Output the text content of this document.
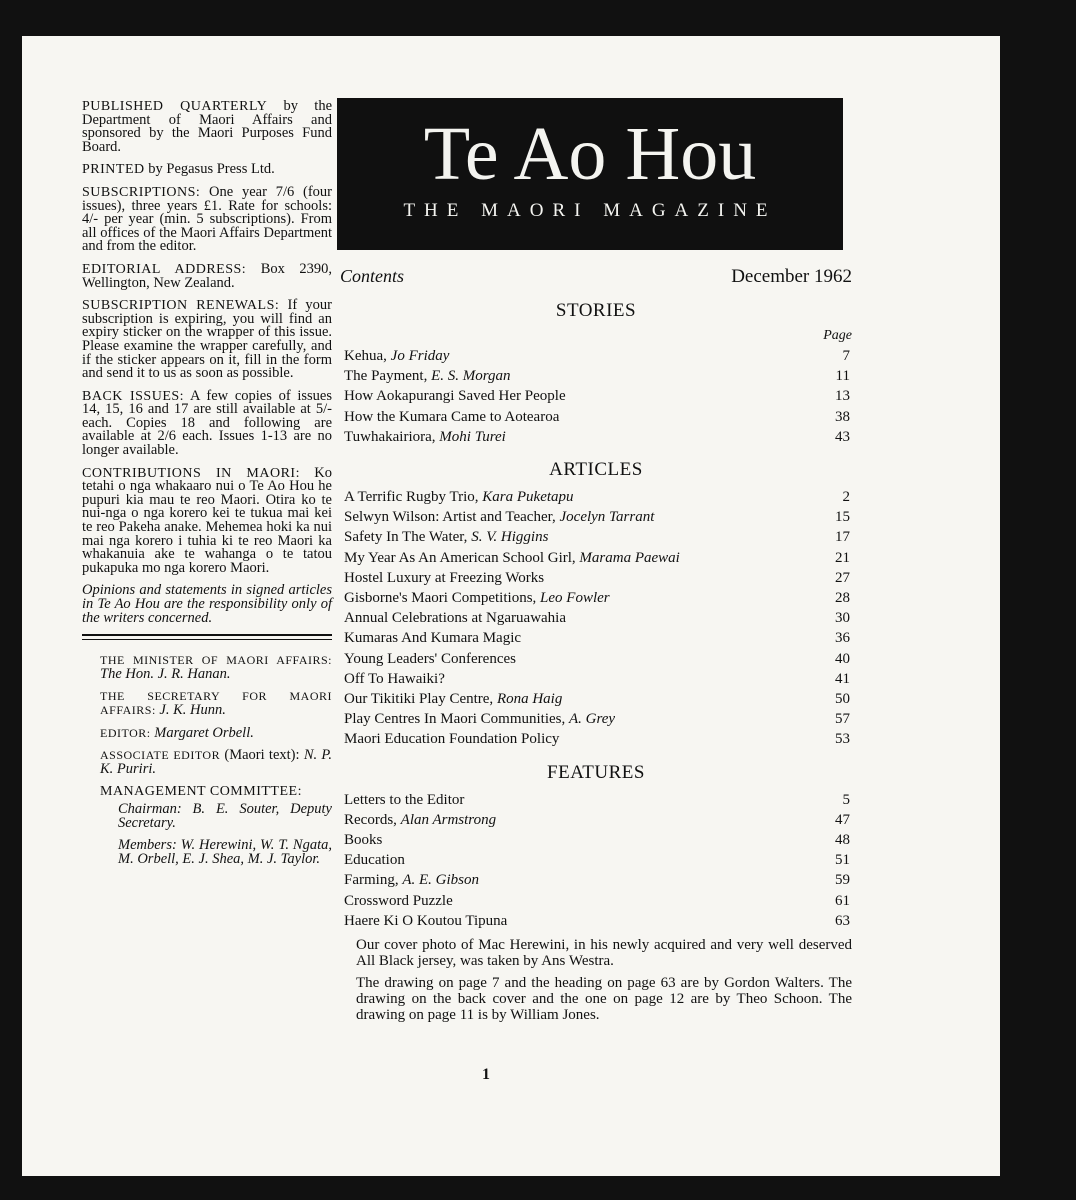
PUBLISHED QUARTERLY by the Department of Maori Affairs and sponsored by the Maori Purposes Fund Board.

PRINTED by Pegasus Press Ltd.

SUBSCRIPTIONS: One year 7/6 (four issues), three years £1. Rate for schools: 4/- per year (min. 5 subscriptions). From all offices of the Maori Affairs Department and from the editor.

EDITORIAL ADDRESS: Box 2390, Wellington, New Zealand.

SUBSCRIPTION RENEWALS: If your subscription is expiring, you will find an expiry sticker on the wrapper of this issue. Please examine the wrapper carefully, and if the sticker appears on it, fill in the form and send it to us as soon as possible.

BACK ISSUES: A few copies of issues 14, 15, 16 and 17 are still available at 5/- each. Copies 18 and following are available at 2/6 each. Issues 1-13 are no longer available.

CONTRIBUTIONS IN MAORI: Ko tetahi o nga whakaaro nui o Te Ao Hou he pupuri kia mau te reo Maori. Otira ko te nui-nga o nga korero kei te tukua mai kei te reo Pakeha anake. Mehemea hoki ka nui mai nga korero i tuhia ki te reo Maori ka whakanuia ake te wahanga o te tatou pukapuka mo nga korero Maori.

Opinions and statements in signed articles in Te Ao Hou are the responsibility only of the writers concerned.

THE MINISTER OF MAORI AFFAIRS: The Hon. J. R. Hanan.

THE SECRETARY FOR MAORI AFFAIRS: J. K. Hunn.

EDITOR: Margaret Orbell.

ASSOCIATE EDITOR (Maori text): N. P. K. Puriri.

MANAGEMENT COMMITTEE:

Chairman: B. E. Souter, Deputy Secretary.

Members: W. Herewini, W. T. Ngata, M. Orbell, E. J. Shea, M. J. Taylor.

Te Ao Hou
THE MAORI MAGAZINE
Contents	December 1962
STORIES
Page
Kehua, Jo Friday	7
The Payment, E. S. Morgan	11
How Aokapurangi Saved Her People	13
How the Kumara Came to Aotearoa	38
Tuwhakairiora, Mohi Turei	43
ARTICLES
A Terrific Rugby Trio, Kara Puketapu	2
Selwyn Wilson: Artist and Teacher, Jocelyn Tarrant	15
Safety In The Water, S. V. Higgins	17
My Year As An American School Girl, Marama Paewai	21
Hostel Luxury at Freezing Works	27
Gisborne's Maori Competitions, Leo Fowler	28
Annual Celebrations at Ngaruawahia	30
Kumaras And Kumara Magic	36
Young Leaders' Conferences	40
Off To Hawaiki?	41
Our Tikitiki Play Centre, Rona Haig	50
Play Centres In Maori Communities, A. Grey	57
Maori Education Foundation Policy	53
FEATURES
Letters to the Editor	5
Records, Alan Armstrong	47
Books	48
Education	51
Farming, A. E. Gibson	59
Crossword Puzzle	61
Haere Ki O Koutou Tipuna	63

Our cover photo of Mac Herewini, in his newly acquired and very well deserved All Black jersey, was taken by Ans Westra.

The drawing on page 7 and the heading on page 63 are by Gordon Walters. The drawing on the back cover and the one on page 12 are by Theo Schoon. The drawing on page 11 is by William Jones.

1
